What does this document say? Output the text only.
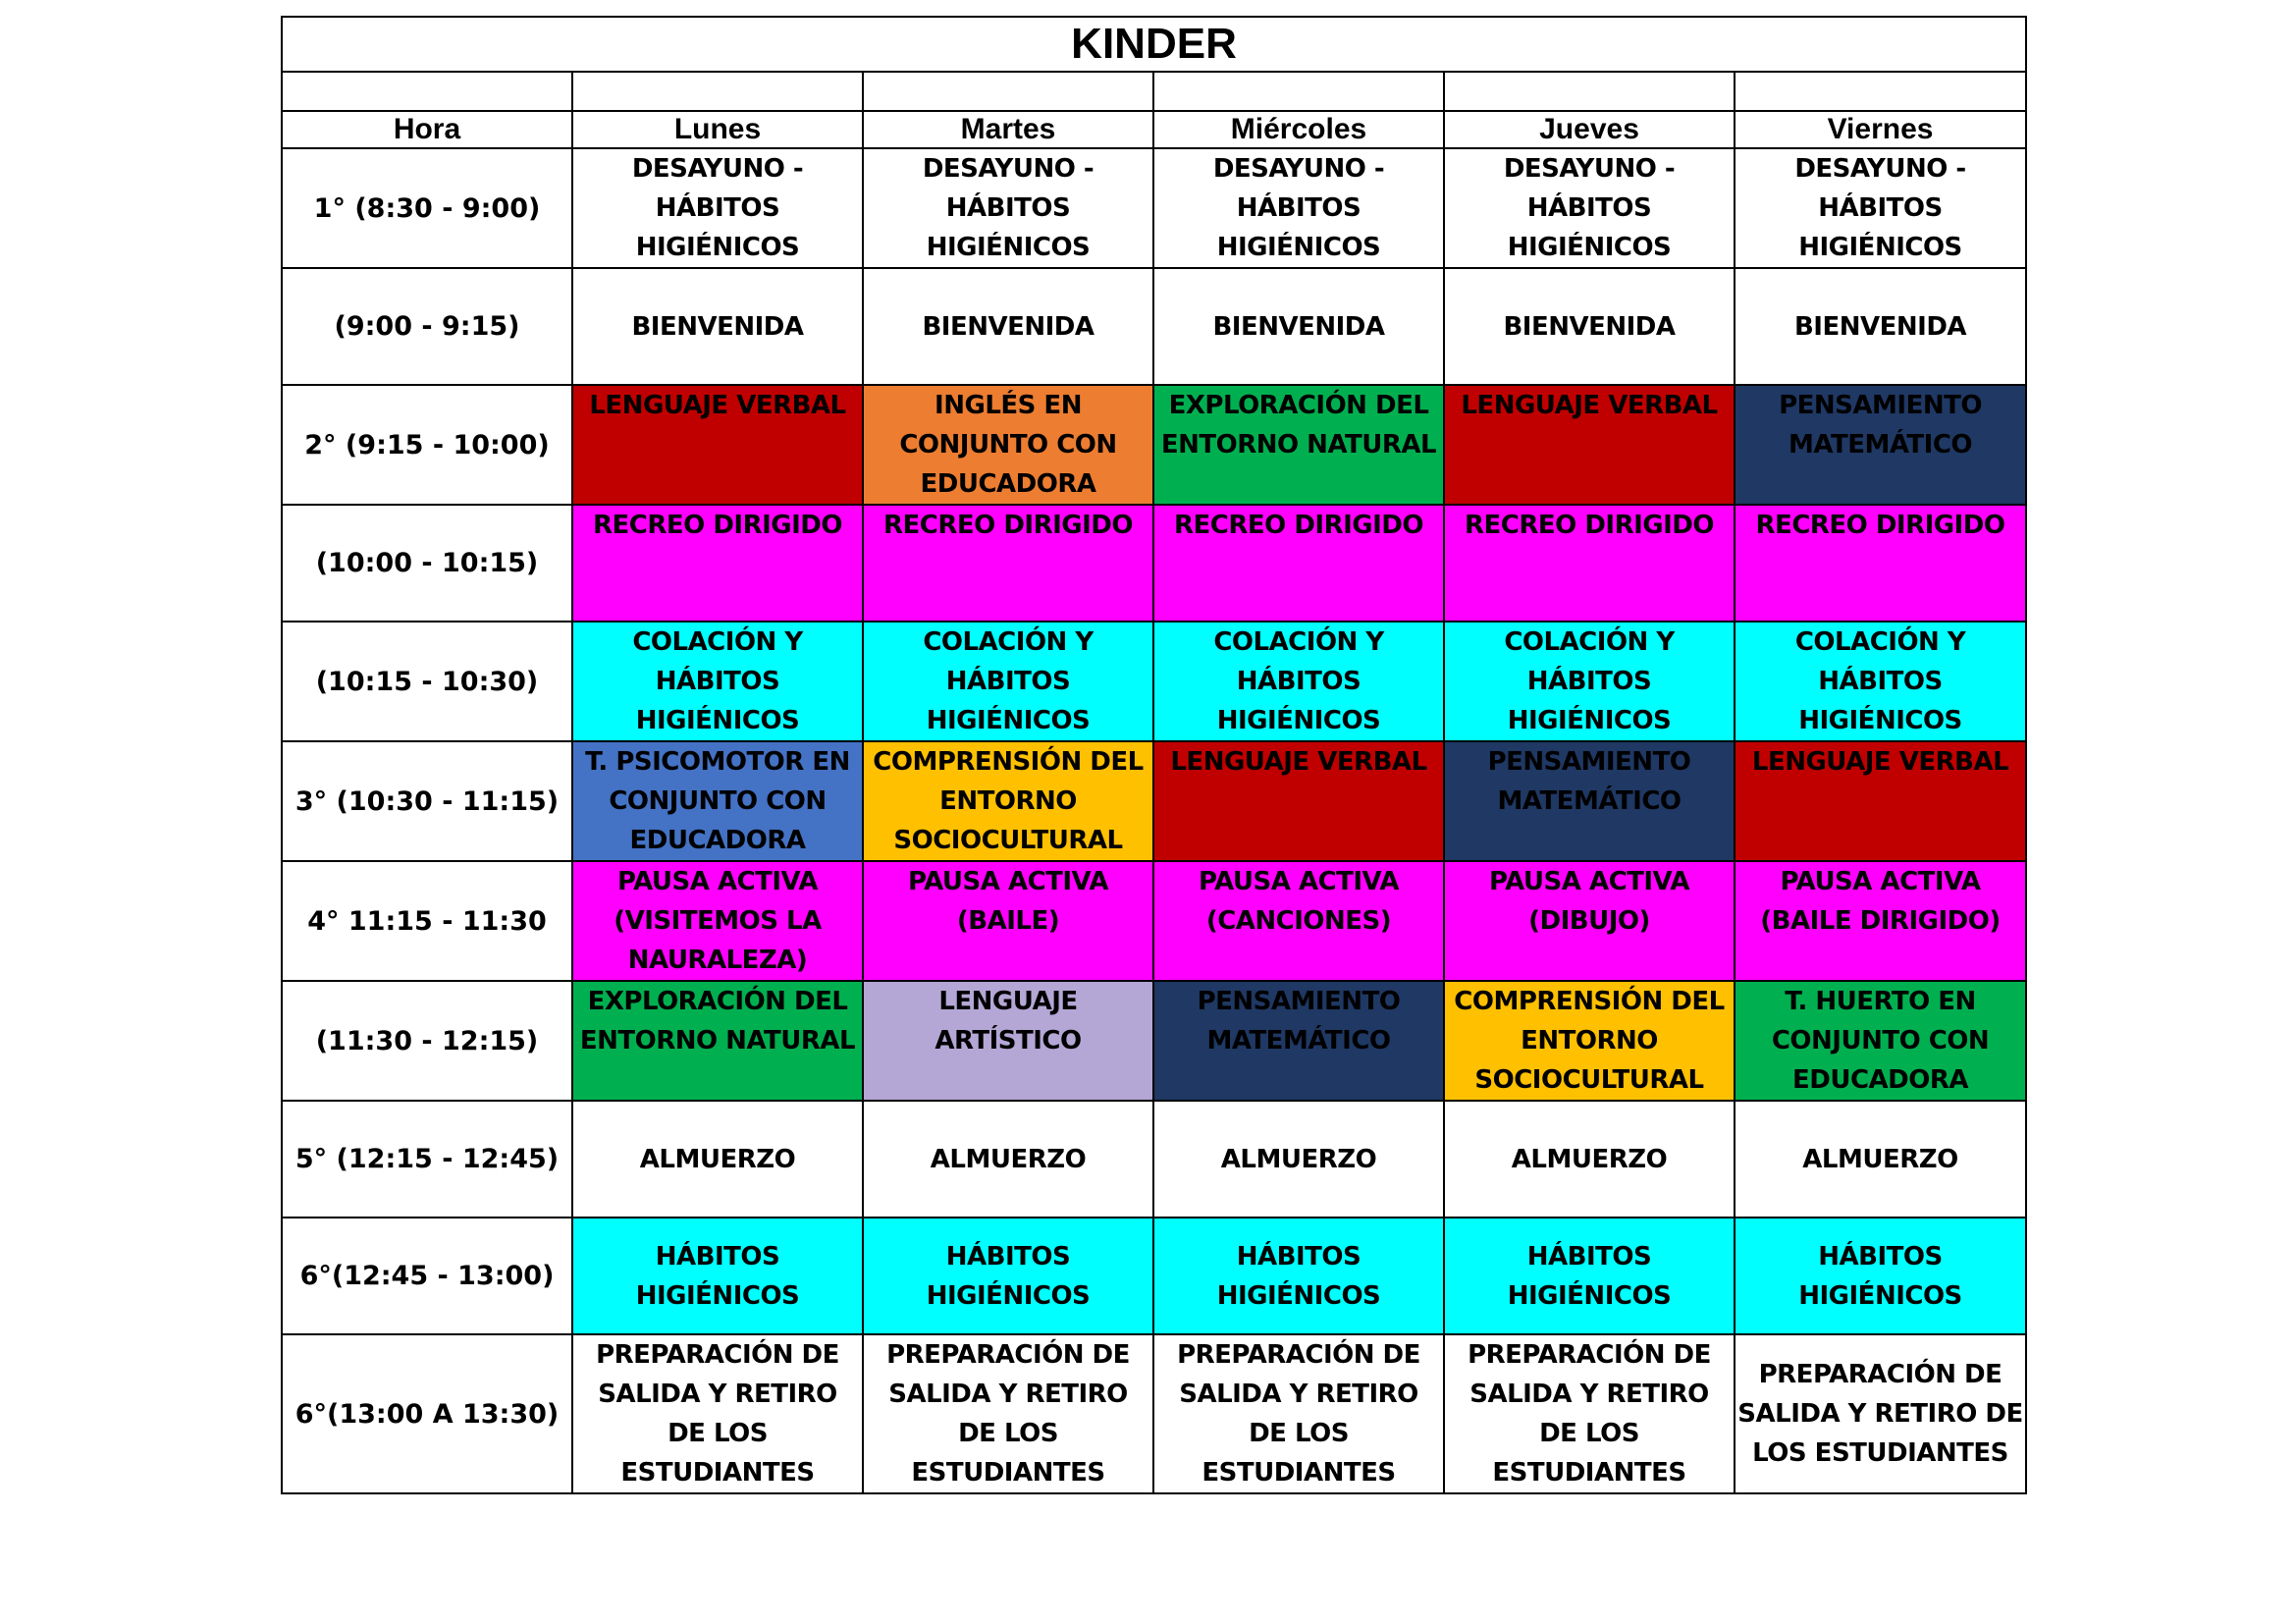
KINDER					

Hora	Lunes	Martes	Miércoles	Jueves	Viernes
1° (8:30 - 9:00)	DESAYUNO - HÁBITOS HIGIÉNICOS	DESAYUNO - HÁBITOS HIGIÉNICOS	DESAYUNO - HÁBITOS HIGIÉNICOS	DESAYUNO - HÁBITOS HIGIÉNICOS	DESAYUNO - HÁBITOS HIGIÉNICOS
(9:00 - 9:15)	BIENVENIDA	BIENVENIDA	BIENVENIDA	BIENVENIDA	BIENVENIDA
2° (9:15 - 10:00)	LENGUAJE VERBAL	INGLÉS EN CONJUNTO CON EDUCADORA	EXPLORACIÓN DEL ENTORNO NATURAL	LENGUAJE VERBAL	PENSAMIENTO MATEMÁTICO
(10:00 - 10:15)	RECREO DIRIGIDO	RECREO DIRIGIDO	RECREO DIRIGIDO	RECREO DIRIGIDO	RECREO DIRIGIDO
(10:15 - 10:30)	COLACIÓN Y HÁBITOS HIGIÉNICOS	COLACIÓN Y HÁBITOS HIGIÉNICOS	COLACIÓN Y HÁBITOS HIGIÉNICOS	COLACIÓN Y HÁBITOS HIGIÉNICOS	COLACIÓN Y HÁBITOS HIGIÉNICOS
3° (10:30 - 11:15)	T. PSICOMOTOR EN CONJUNTO CON EDUCADORA	COMPRENSIÓN DEL ENTORNO SOCIOCULTURAL	LENGUAJE VERBAL	PENSAMIENTO MATEMÁTICO	LENGUAJE VERBAL
4° 11:15 - 11:30	PAUSA ACTIVA (VISITEMOS LA NAURALEZA)	PAUSA ACTIVA (BAILE)	PAUSA ACTIVA (CANCIONES)	PAUSA ACTIVA (DIBUJO)	PAUSA ACTIVA (BAILE DIRIGIDO)
(11:30 - 12:15)	EXPLORACIÓN DEL ENTORNO NATURAL	LENGUAJE ARTÍSTICO	PENSAMIENTO MATEMÁTICO	COMPRENSIÓN DEL ENTORNO SOCIOCULTURAL	T. HUERTO EN CONJUNTO CON EDUCADORA
5° (12:15 - 12:45)	ALMUERZO	ALMUERZO	ALMUERZO	ALMUERZO	ALMUERZO
6°(12:45 - 13:00)	HÁBITOS HIGIÉNICOS	HÁBITOS HIGIÉNICOS	HÁBITOS HIGIÉNICOS	HÁBITOS HIGIÉNICOS	HÁBITOS HIGIÉNICOS
6°(13:00 A 13:30)	PREPARACIÓN DE SALIDA Y RETIRO DE LOS ESTUDIANTES	PREPARACIÓN DE SALIDA Y RETIRO DE LOS ESTUDIANTES	PREPARACIÓN DE SALIDA Y RETIRO DE LOS ESTUDIANTES	PREPARACIÓN DE SALIDA Y RETIRO DE LOS ESTUDIANTES	PREPARACIÓN DE SALIDA Y RETIRO DE LOS ESTUDIANTES
